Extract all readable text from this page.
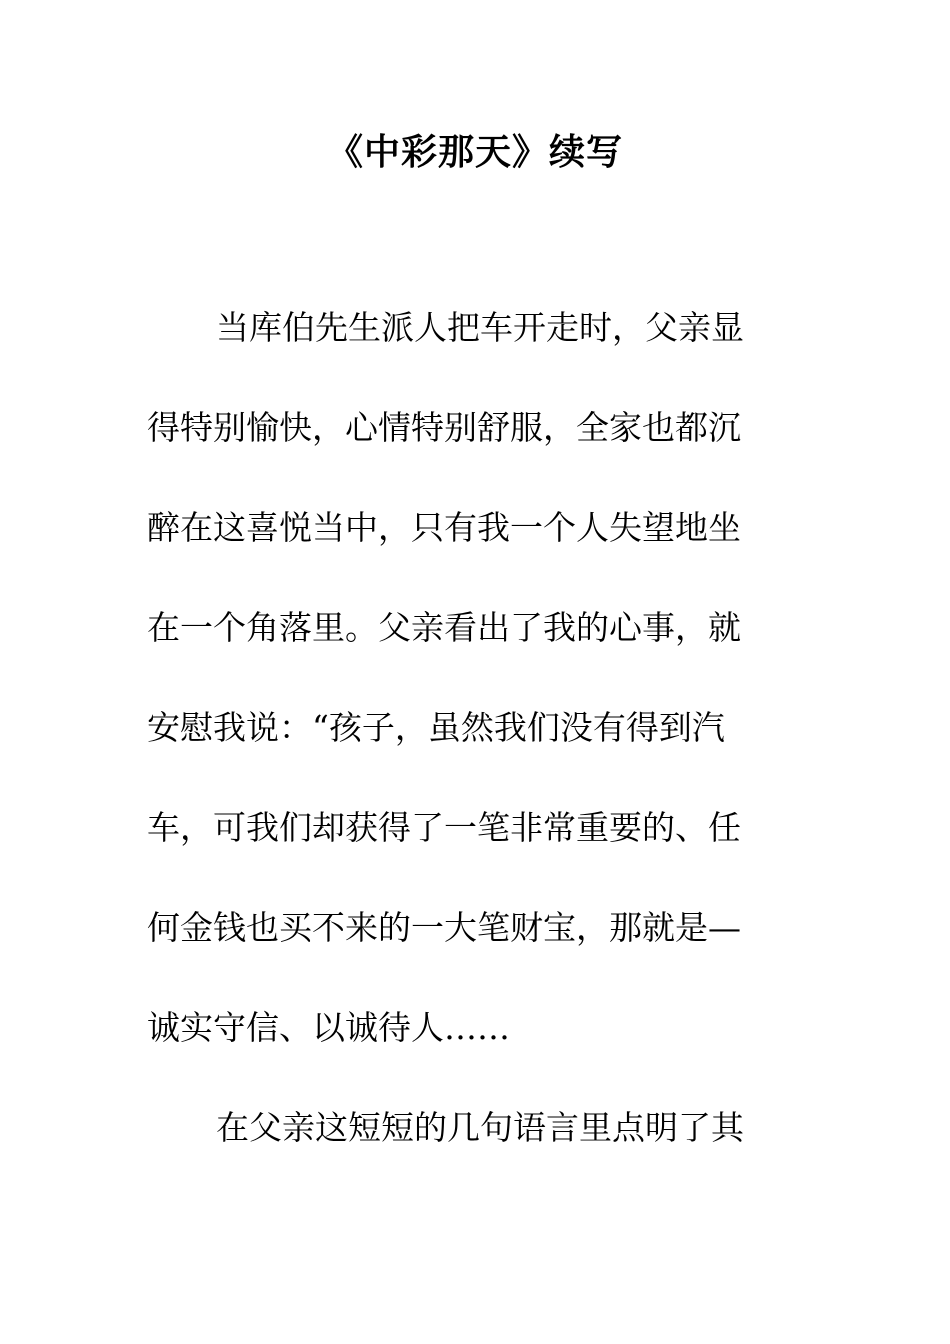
《中彩那天》续写
当库伯先生派人把车开走时，父亲显
得特别愉快，心情特别舒服，全家也都沉
醉在这喜悦当中，只有我一个人失望地坐
在一个角落里。父亲看出了我的心事，就
安慰我说：“孩子，虽然我们没有得到汽
车，可我们却获得了一笔非常重要的、任
何金钱也买不来的一大笔财宝，那就是—
诚实守信、以诚待人……
在父亲这短短的几句语言里点明了其
